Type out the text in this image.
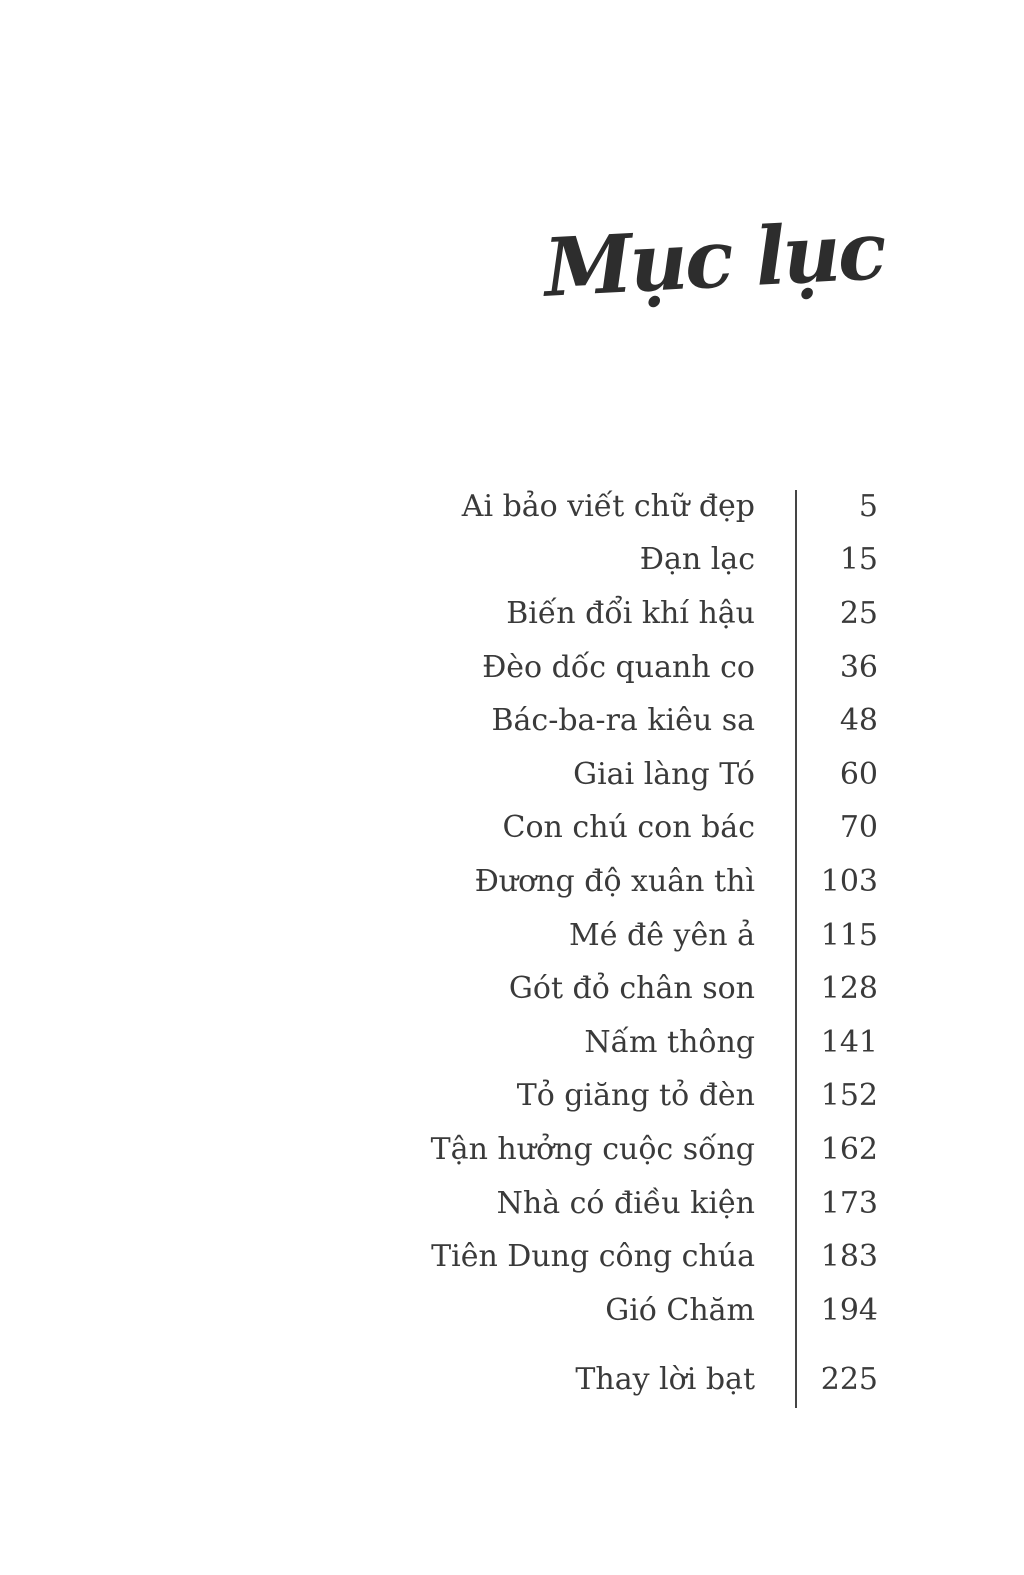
Mục lục
Ai bảo viết chữ đẹp	5
Đạn lạc	15
Biến đổi khí hậu	25
Đèo dốc quanh co	36
Bác-ba-ra kiêu sa	48
Giai làng Tó	60
Con chú con bác	70
Đương độ xuân thì	103
Mé đê yên ả	115
Gót đỏ chân son	128
Nấm thông	141
Tỏ giăng tỏ đèn	152
Tận hưởng cuộc sống	162
Nhà có điều kiện	173
Tiên Dung công chúa	183
Gió Chăm	194
Thay lời bạt	225
